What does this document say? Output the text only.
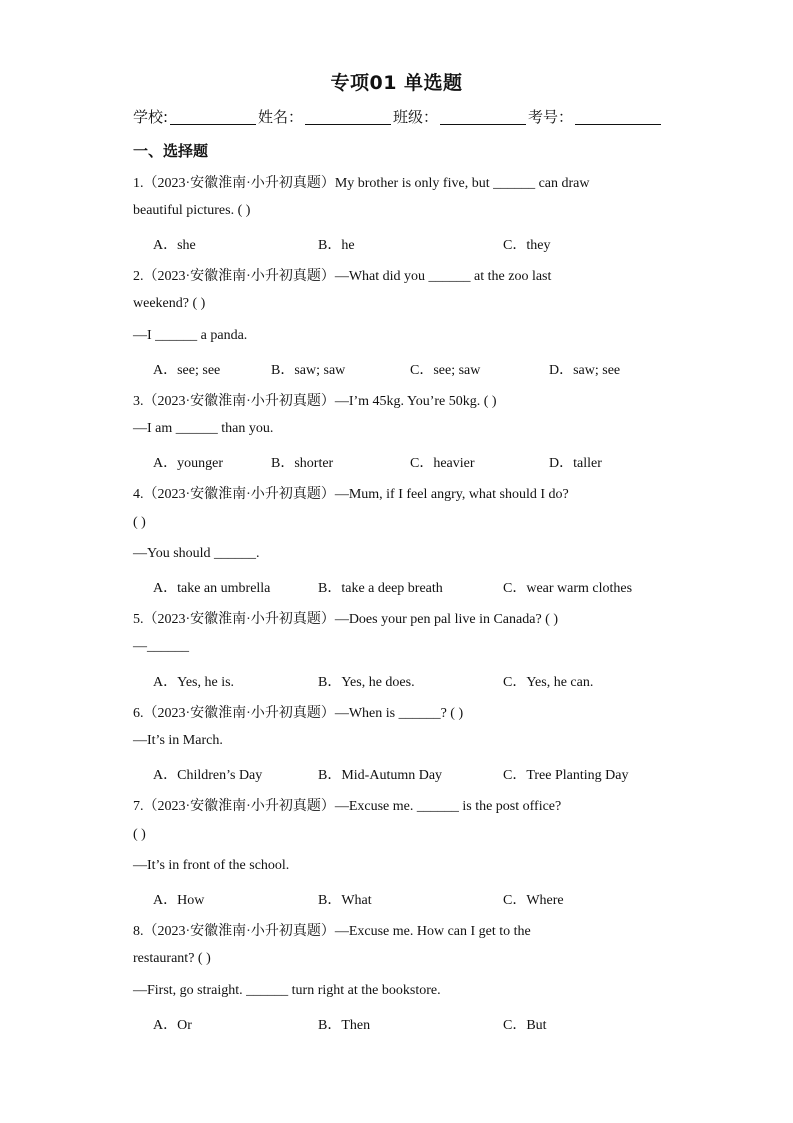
专项01 单选题
学校:	姓名：	班级：	考号：
一、选择题
1.（2023·安徽淮南·小升初真题）My brother is only five, but ______ can draw
beautiful pictures. ( )
A．she	B．he	C．they
2.（2023·安徽淮南·小升初真题）—What did you ______ at the zoo last
weekend? ( )
—I ______ a panda.
A．see; see	B．saw; saw	C．see; saw	D．saw; see
3.（2023·安徽淮南·小升初真题）—I’m 45kg. You’re 50kg. ( )
—I am ______ than you.
A．younger	B．shorter	C．heavier	D．taller
4.（2023·安徽淮南·小升初真题）—Mum, if I feel angry, what should I do?
( )
—You should ______.
A．take an umbrella	B．take a deep breath	C．wear warm clothes
5.（2023·安徽淮南·小升初真题）—Does your pen pal live in Canada? ( )
—______
A．Yes, he is.	B．Yes, he does.	C．Yes, he can.
6.（2023·安徽淮南·小升初真题）—When is ______? ( )
—It’s in March.
A．Children’s Day	B．Mid-Autumn Day	C．Tree Planting Day
7.（2023·安徽淮南·小升初真题）—Excuse me. ______ is the post office?
( )
—It’s in front of the school.
A．How	B．What	C．Where
8.（2023·安徽淮南·小升初真题）—Excuse me. How can I get to the
restaurant? ( )
—First, go straight. ______ turn right at the bookstore.
A．Or	B．Then	C．But
